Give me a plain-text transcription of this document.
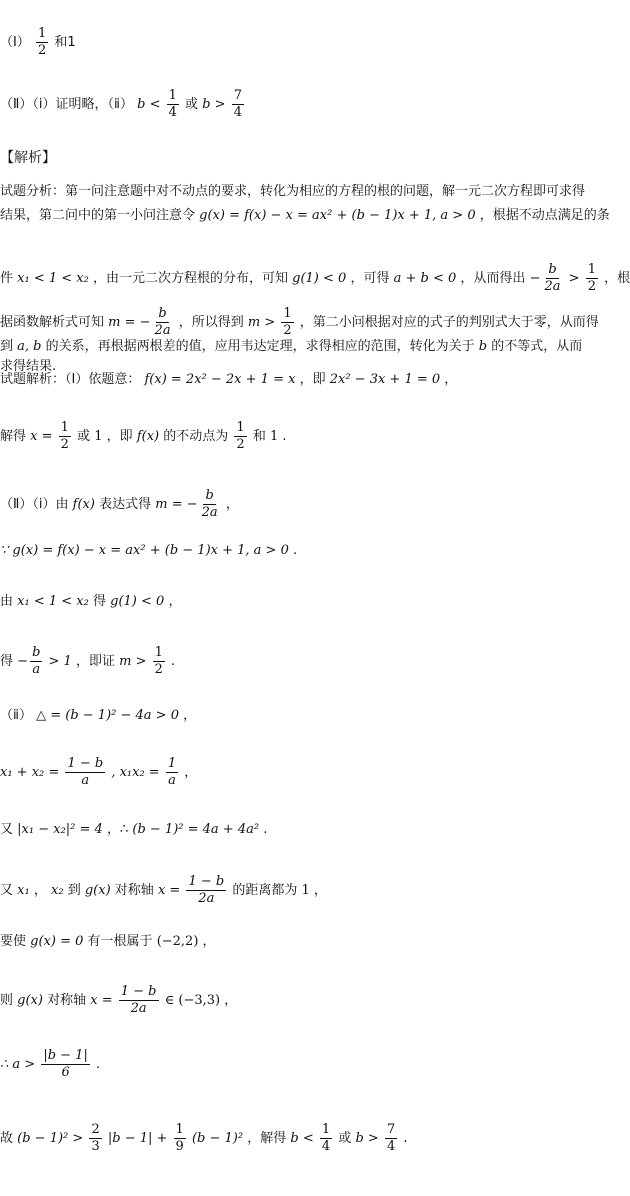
（Ⅰ） $\frac{1}{2}$ 和1
（Ⅱ）（ⅰ）证明略，（ⅱ） $b < \frac{1}{4}$ 或 $b > \frac{7}{4}$
【解析】
试题分析：第一问注意题中对不动点的要求，转化为相应的方程的根的问题，解一元二次方程即可求得
结果，第二问中的第一小问注意令 g(x) = f(x) − x = ax² + (b − 1)x + 1, a > 0 ，根据不动点满足的条
件 x₁ < 1 < x₂ ，由一元二次方程根的分布，可知 g(1) < 0 ，可得 a + b < 0 ，从而得出 − $\frac{b}{2a} > \frac{1}{2}$ ，根
据函数解析式可知 m = − $\frac{b}{2a}$ ，所以得到 $m > \frac{1}{2}$ ，第二小问根据对应的式子的判别式大于零，从而得
到 a, b 的关系，再根据两根差的值，应用韦达定理，求得相应的范围，转化为关于 b 的不等式，从而
求得结果.
试题解析：（Ⅰ）依题意： f(x) = 2x² − 2x + 1 = x ，即 2x² − 3x + 1 = 0 ，
解得 $x = \frac{1}{2}$ 或 1 ，即 f(x) 的不动点为 $\frac{1}{2}$ 和 1 .
（Ⅱ）（ⅰ）由 f(x) 表达式得 m = − $\frac{b}{2a}$ ，
∵ g(x) = f(x) − x = ax² + (b − 1)x + 1, a > 0 .
由 x₁ < 1 < x₂ 得 g(1) < 0 ，
得 − $\frac{b}{a} > 1$ ，即证 $m > \frac{1}{2}$ .
（ⅱ） △ = (b − 1)² − 4a > 0 ，
$x_1 + x_2 = \frac{1 - b}{a}$ , $x_1x_2 = \frac{1}{a}$ ，
又 |x₁ − x₂|² = 4 ，∴ (b − 1)² = 4a + 4a² .
又 x₁ ， x₂ 到 g(x) 对称轴 $x = \frac{1 - b}{2a}$ 的距离都为 1 ，
要使 g(x) = 0 有一根属于 (−2,2) ，
则 g(x) 对称轴 $x = \frac{1 - b}{2a}$ ∈ (−3,3) ，
∴ $a > \frac{|b - 1|}{6}$ .
故 $(b - 1)^2 > \frac{2}{3} |b - 1| + \frac{1}{9} (b - 1)^2$ ，解得 $b < \frac{1}{4}$ 或 $b > \frac{7}{4}$ .
